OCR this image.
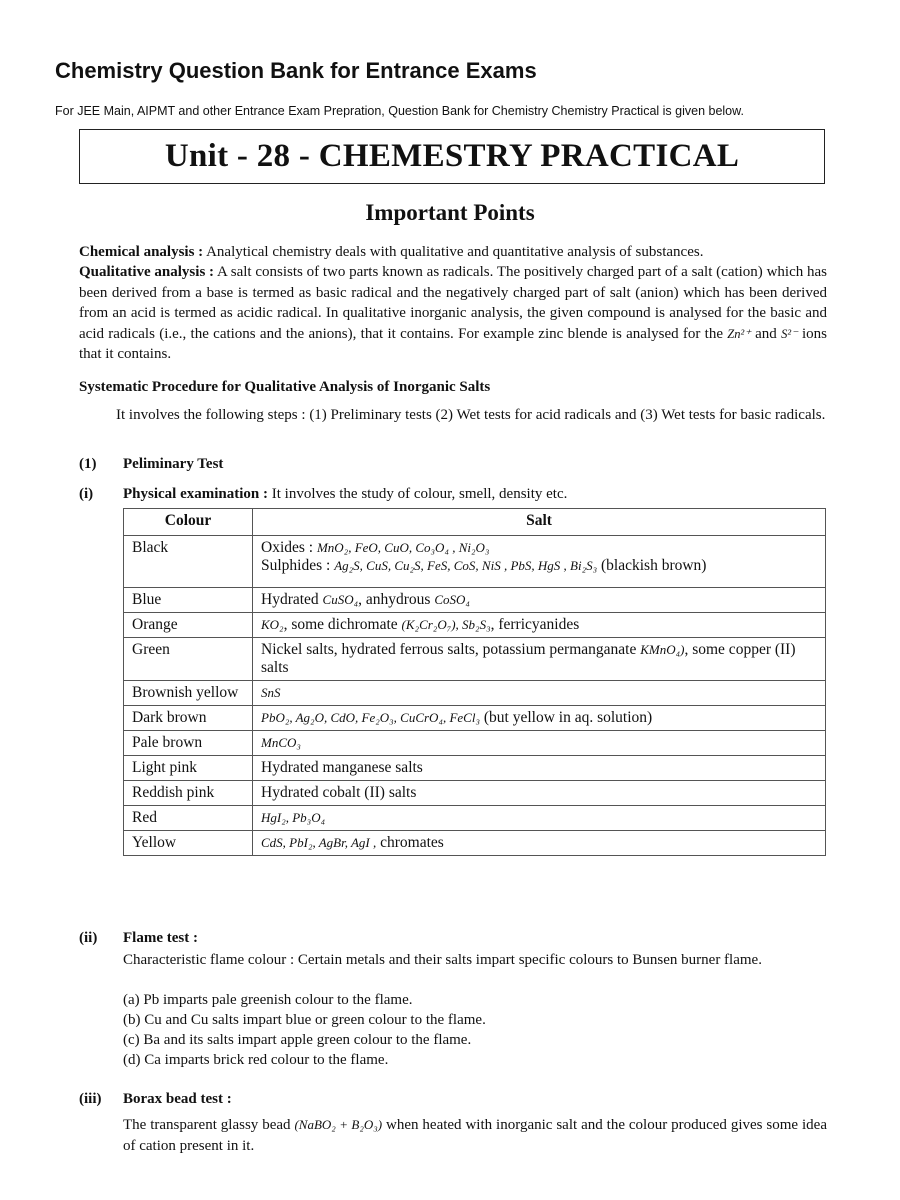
Chemistry Question Bank for Entrance Exams
For JEE Main, AIPMT and other Entrance Exam Prepration, Question Bank for Chemistry Chemistry Practical is given below.
Unit - 28 - CHEMESTRY PRACTICAL
Important Points
Chemical analysis : Analytical chemistry deals with qualitative and quantitative analysis of substances.
Qualitative analysis : A salt consists of two parts known as radicals. The positively charged part of a salt (cation) which has been derived from a base is termed as basic radical and the negatively charged part of salt (anion) which has been derived from an acid is termed as acidic radical. In qualitative inorganic analysis, the given compound is analysed for the basic and acid radicals (i.e., the cations and the anions), that it contains. For example zinc blende is analysed for the Zn²⁺ and S²⁻ ions that it contains.
Systematic Procedure for Qualitative Analysis of Inorganic Salts
It involves the following steps : (1) Preliminary tests (2) Wet tests for acid radicals and (3) Wet tests for basic radicals.
(1) Peliminary Test
(i) Physical examination : It involves the study of colour, smell, density etc.
Colour	Salt
Black	Oxides : MnO₂, FeO, CuO, Co₃O₄ , Ni₂O₃
Sulphides : Ag₂S, CuS, Cu₂S, FeS, CoS, NiS , PbS, HgS , Bi₂S₃ (blackish brown)

Blue	Hydrated CuSO₄, anhydrous CoSO₄
Orange	KO₂, some dichromate (K₂Cr₂O₇), Sb₂S₃, ferricyanides
Green	Nickel salts, hydrated ferrous salts, potassium permanganate KMnO₄), some copper (II) salts
Brownish yellow	SnS
Dark brown	PbO₂, Ag₂O, CdO, Fe₂O₃, CuCrO₄, FeCl₃ (but yellow in aq. solution)
Pale brown	MnCO₃
Light pink	Hydrated manganese salts
Reddish pink	Hydrated cobalt (II) salts
Red	HgI₂, Pb₃O₄
Yellow	CdS, PbI₂, AgBr, AgI , chromates
(ii) Flame test :
Characteristic flame colour : Certain metals and their salts impart specific colours to Bunsen burner flame.
(a) Pb imparts pale greenish colour to the flame.
(b) Cu and Cu salts impart blue or green colour to the flame.
(c) Ba and its salts impart apple green colour to the flame.
(d) Ca imparts brick red colour to the flame.
(iii) Borax bead test :
The transparent glassy bead (NaBO₂ + B₂O₃) when heated with inorganic salt and the colour produced gives some idea of cation present in it.
